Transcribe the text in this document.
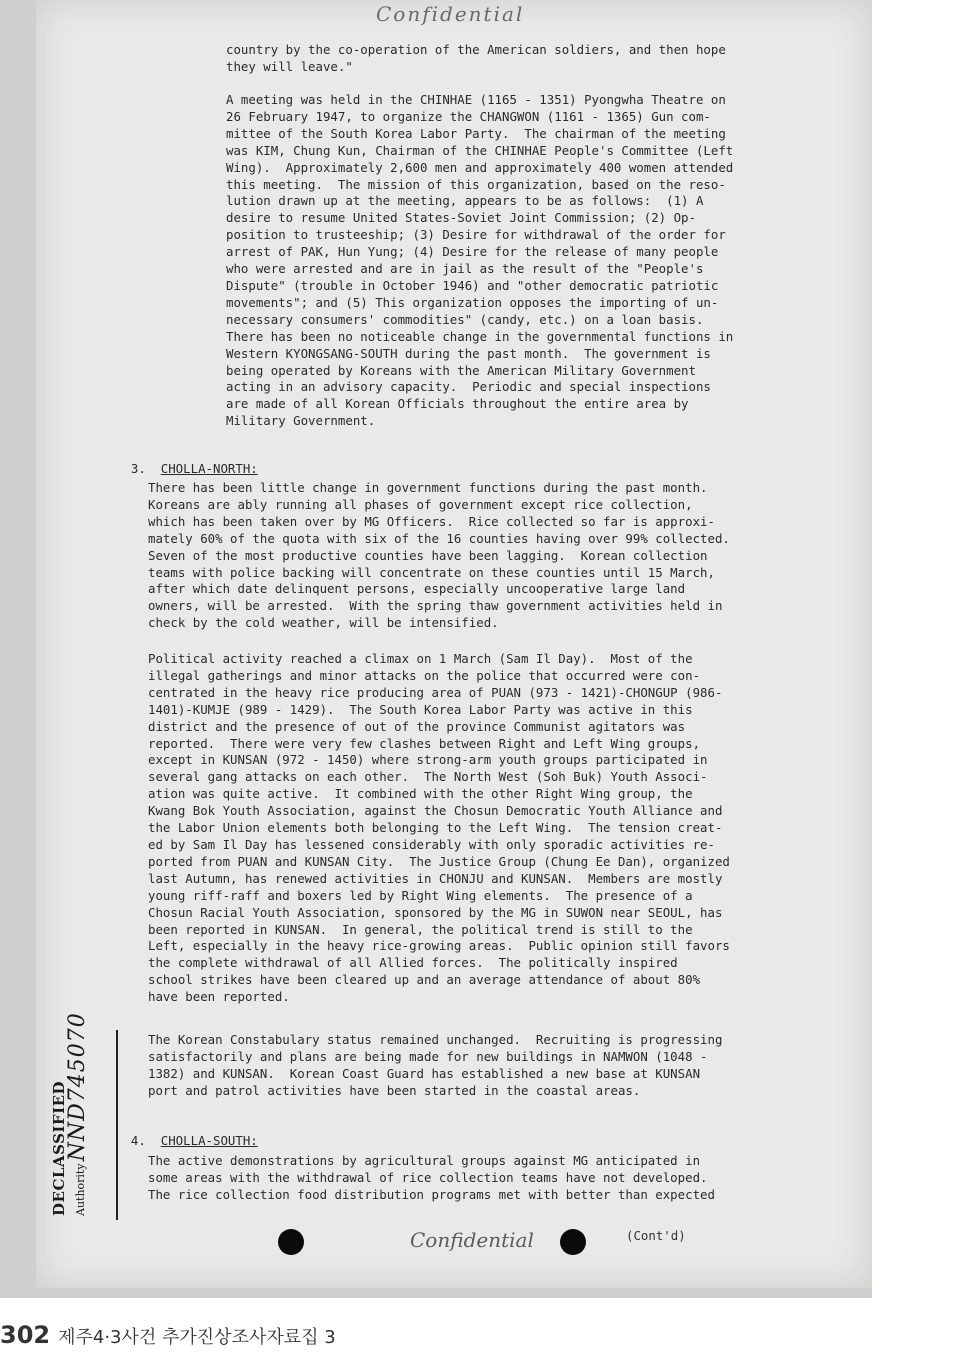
Confidential
country by the co-operation of the American soldiers, and then hope
they will leave."
A meeting was held in the CHINHAE (1165 - 1351) Pyongwha Theatre on
26 February 1947, to organize the CHANGWON (1161 - 1365) Gun com-
mittee of the South Korea Labor Party.  The chairman of the meeting
was KIM, Chung Kun, Chairman of the CHINHAE People's Committee (Left
Wing).  Approximately 2,600 men and approximately 400 women attended
this meeting.  The mission of this organization, based on the reso-
lution drawn up at the meeting, appears to be as follows:  (1) A
desire to resume United States-Soviet Joint Commission; (2) Op-
position to trusteeship; (3) Desire for withdrawal of the order for
arrest of PAK, Hun Yung; (4) Desire for the release of many people
who were arrested and are in jail as the result of the "People's
Dispute" (trouble in October 1946) and "other democratic patriotic
movements"; and (5) This organization opposes the importing of un-
necessary consumers' commodities" (candy, etc.) on a loan basis.
There has been no noticeable change in the governmental functions in
Western KYONGSANG-SOUTH during the past month.  The government is
being operated by Koreans with the American Military Government
acting in an advisory capacity.  Periodic and special inspections
are made of all Korean Officials throughout the entire area by
Military Government.

3. CHOLLA-NORTH:

There has been little change in government functions during the past month.
Koreans are ably running all phases of government except rice collection,
which has been taken over by MG Officers.  Rice collected so far is approxi-
mately 60% of the quota with six of the 16 counties having over 99% collected.
Seven of the most productive counties have been lagging.  Korean collection
teams with police backing will concentrate on these counties until 15 March,
after which date delinquent persons, especially uncooperative large land
owners, will be arrested.  With the spring thaw government activities held in
check by the cold weather, will be intensified.
Political activity reached a climax on 1 March (Sam Il Day).  Most of the
illegal gatherings and minor attacks on the police that occurred were con-
centrated in the heavy rice producing area of PUAN (973 - 1421)-CHONGUP (986-
1401)-KUMJE (989 - 1429).  The South Korea Labor Party was active in this
district and the presence of out of the province Communist agitators was
reported.  There were very few clashes between Right and Left Wing groups,
except in KUNSAN (972 - 1450) where strong-arm youth groups participated in
several gang attacks on each other.  The North West (Soh Buk) Youth Associ-
ation was quite active.  It combined with the other Right Wing group, the
Kwang Bok Youth Association, against the Chosun Democratic Youth Alliance and
the Labor Union elements both belonging to the Left Wing.  The tension creat-
ed by Sam Il Day has lessened considerably with only sporadic activities re-
ported from PUAN and KUNSAN City.  The Justice Group (Chung Ee Dan), organized
last Autumn, has renewed activities in CHONJU and KUNSAN.  Members are mostly
young riff-raff and boxers led by Right Wing elements.  The presence of a
Chosun Racial Youth Association, sponsored by the MG in SUWON near SEOUL, has
been reported in KUNSAN.  In general, the political trend is still to the
Left, especially in the heavy rice-growing areas.  Public opinion still favors
the complete withdrawal of all Allied forces.  The politically inspired
school strikes have been cleared up and an average attendance of about 80%
have been reported.
The Korean Constabulary status remained unchanged.  Recruiting is progressing
satisfactorily and plans are being made for new buildings in NAMWON (1048 -
1382) and KUNSAN.  Korean Coast Guard has established a new base at KUNSAN
port and patrol activities have been started in the coastal areas.

4. CHOLLA-SOUTH:

The active demonstrations by agricultural groups against MG anticipated in
some areas with the withdrawal of rice collection teams have not developed.
The rice collection food distribution programs met with better than expected
DECLASSIFIED AuthorityNND745070
Confidential	(Cont'd)
302 제주4·3사건 추가진상조사자료집 3
